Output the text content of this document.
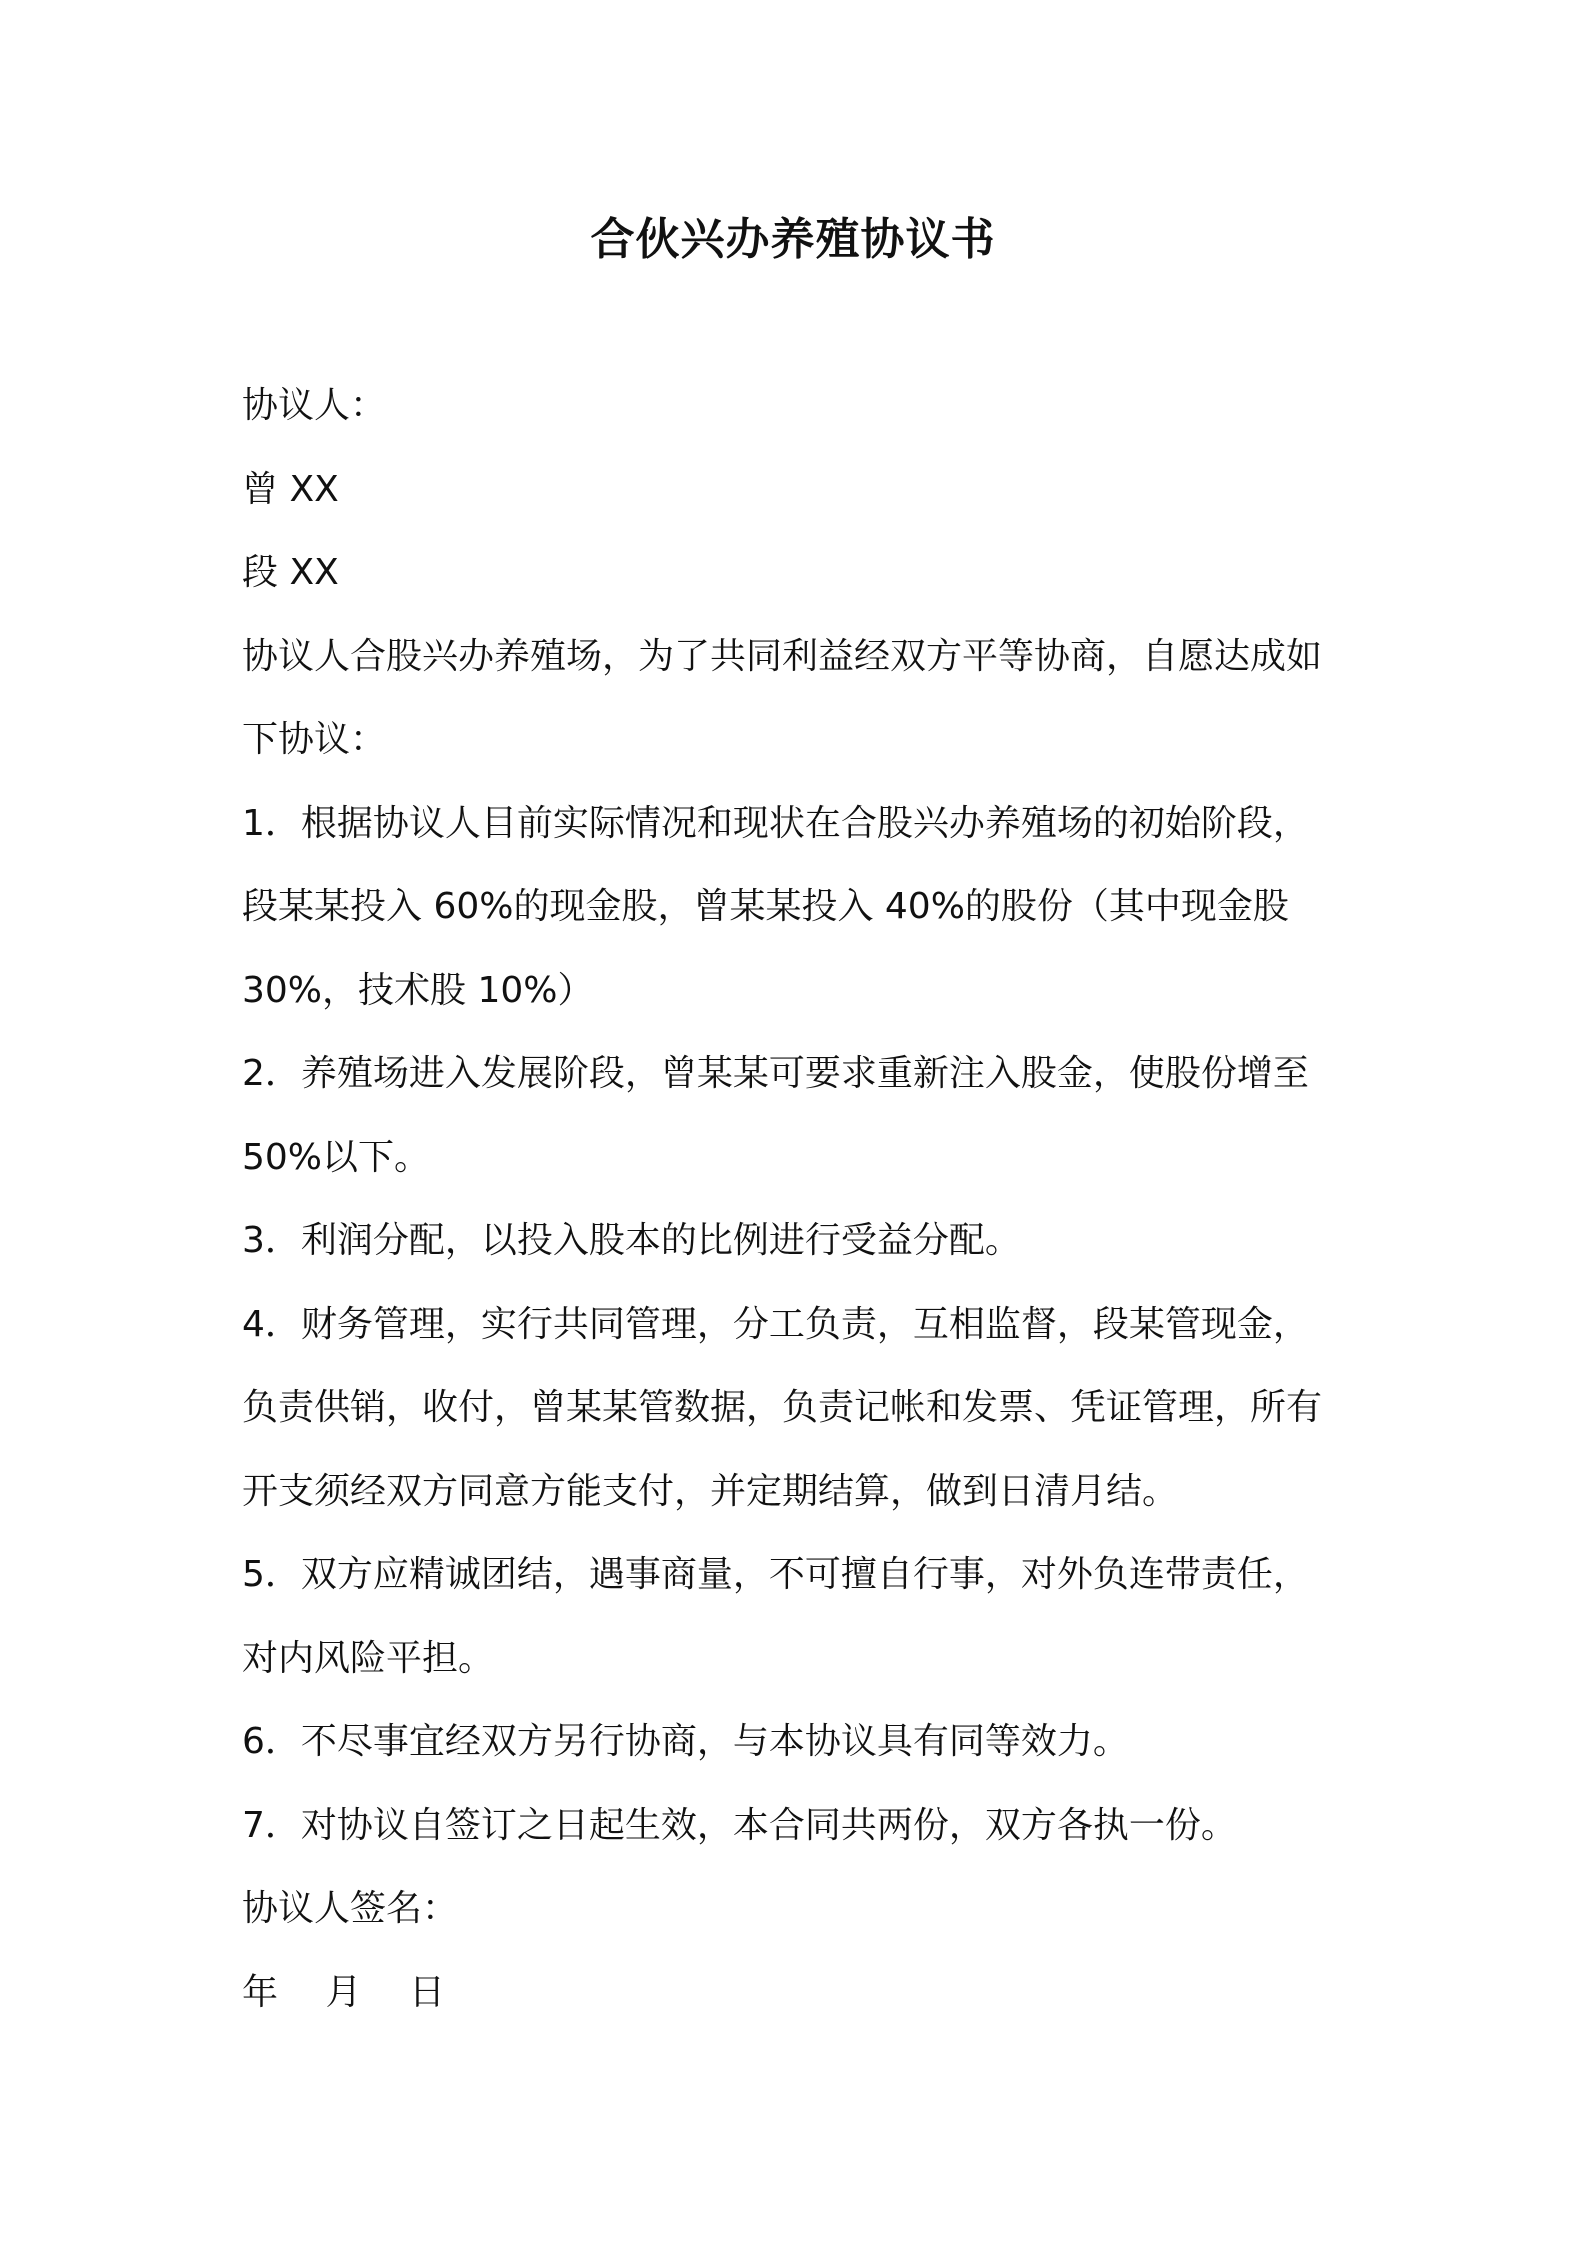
合伙兴办养殖协议书
协议人：
曾 XX
段 XX
协议人合股兴办养殖场，为了共同利益经双方平等协商，自愿达成如
下协议：
1．根据协议人目前实际情况和现状在合股兴办养殖场的初始阶段，
段某某投入 60%的现金股，曾某某投入 40%的股份（其中现金股
30%，技术股 10%）
2．养殖场进入发展阶段，曾某某可要求重新注入股金，使股份增至
50%以下。
3．利润分配，以投入股本的比例进行受益分配。
4．财务管理，实行共同管理，分工负责，互相监督，段某管现金，
负责供销，收付，曾某某管数据，负责记帐和发票、凭证管理，所有
开支须经双方同意方能支付，并定期结算，做到日清月结。
5．双方应精诚团结，遇事商量，不可擅自行事，对外负连带责任，
对内风险平担。
6．不尽事宜经双方另行协商，与本协议具有同等效力。
7．对协议自签订之日起生效，本合同共两份，双方各执一份。
协议人签名：
年 月 日
